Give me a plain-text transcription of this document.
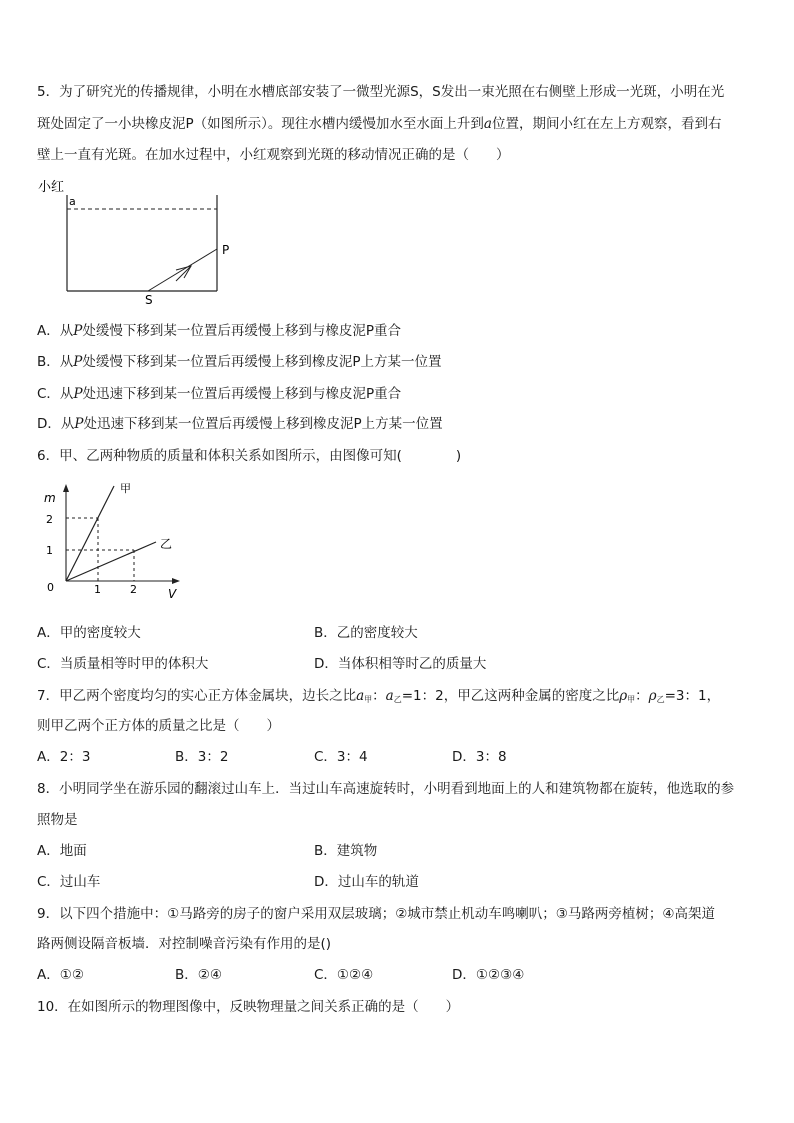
5．为了研究光的传播规律，小明在水槽底部安装了一微型光源S，S发出一束光照在右侧壁上形成一光斑，小明在光
斑处固定了一小块橡皮泥P（如图所示）。现往水槽内缓慢加水至水面上升到a位置，期间小红在左上方观察，看到右
壁上一直有光斑。在加水过程中，小红观察到光斑的移动情况正确的是（　　）
小红
a
P
S
A．从P处缓慢下移到某一位置后再缓慢上移到与橡皮泥P重合
B．从P处缓慢下移到某一位置后再缓慢上移到橡皮泥P上方某一位置
C．从P处迅速下移到某一位置后再缓慢上移到与橡皮泥P重合
D．从P处迅速下移到某一位置后再缓慢上移到橡皮泥P上方某一位置
6．甲、乙两种物质的质量和体积关系如图所示，由图像可知(　　　　)
m
V
0
2
1
1	2
甲
乙
A．甲的密度较大	B．乙的密度较大
C．当质量相等时甲的体积大	D．当体积相等时乙的质量大
7．甲乙两个密度均匀的实心正方体金属块，边长之比$a_甲$：$a_乙=1$：2，甲乙这两种金属的密度之比$\rho_甲$：$\rho_乙=3$：1，
则甲乙两个正方体的质量之比是（　　）
A．2：3	B．3：2	C．3：4	D．3：8
8．小明同学坐在游乐园的翻滚过山车上．当过山车高速旋转时，小明看到地面上的人和建筑物都在旋转，他选取的参
照物是
A．地面	B．建筑物
C．过山车	D．过山车的轨道
9．以下四个措施中：①马路旁的房子的窗户采用双层玻璃；②城市禁止机动车鸣喇叭；③马路两旁植树；④高架道
路两侧设隔音板墙．对控制噪音污染有作用的是()
A．①②	B．②④	C．①②④	D．①②③④
10．在如图所示的物理图像中，反映物理量之间关系正确的是（　　）
